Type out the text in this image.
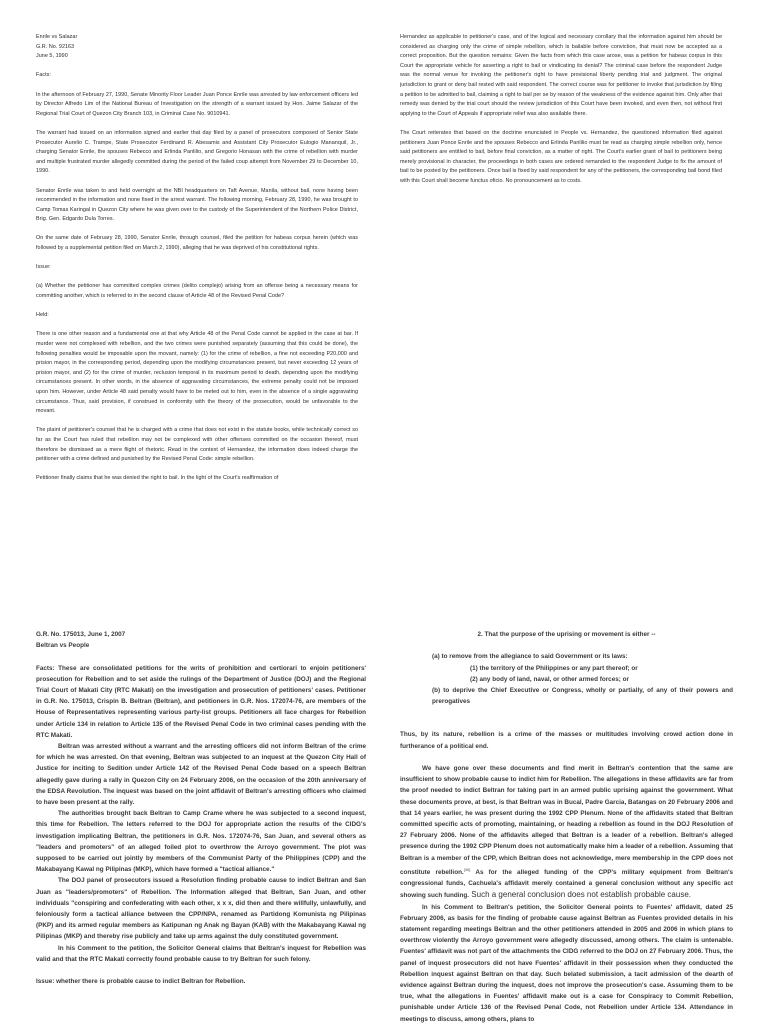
Enrile vs Salazar

G.R. No. 92163

June 5, 1990

Facts:

In the afternoon of February 27, 1990, Senate Minority Floor Leader Juan Ponce Enrile was arrested by law enforcement officers led by Director Alfredo Lim of the National Bureau of Investigation on the strength of a warrant issued by Hon. Jaime Salazar of the Regional Trial Court of Quezon City Branch 103, in Criminal Case No. 9010941.

The warrant had issued on an information signed and earlier that day filed by a panel of prosecutors composed of Senior State Prosecutor Aurelio C. Trampe, State Prosecutor Ferdinand R. Abesamis and Assistant City Prosecutor Eulogio Mananquil, Jr., charging Senator Enrile, the spouses Rebecco and Erlinda Panlilio, and Gregorio Honasan with the crime of rebellion with murder and multiple frustrated murder allegedly committed during the period of the failed coup attempt from November 29 to December 10, 1990.

Senator Enrile was taken to and held overnight at the NBI headquarters on Taft Avenue, Manila, without bail, none having been recommended in the information and none fixed in the arrest warrant. The following morning, February 28, 1990, he was brought to Camp Tomas Karingal in Quezon City where he was given over to the custody of the Superintendent of the Northern Police District, Brig. Gen. Edgardo Dula Torres.

On the same date of February 28, 1990, Senator Enrile, through counsel, filed the petition for habeas corpus herein (which was followed by a supplemental petition filed on March 2, 1990), alleging that he was deprived of his constitutional rights.

Issue:

(a) Whether the petitioner has committed complex crimes (delito complejo) arising from an offense being a necessary means for committing another, which is referred to in the second clause of Article 48 of the Revised Penal Code?

Held:

There is one other reason and a fundamental one at that why Article 48 of the Penal Code cannot be applied in the case at bar. If murder were not complexed with rebellion, and the two crimes were punished separately (assuming that this could be done), the following penalties would be imposable upon the movant, namely: (1) for the crime of rebellion, a fine not exceeding P20,000 and prision mayor, in the corresponding period, depending upon the modifying circumstances present, but never exceeding 12 years of prision mayor, and (2) for the crime of murder, reclusion temporal in its maximum period to death, depending upon the modifying circumstances present. In other words, in the absence of aggravating circumstances, the extreme penalty could not be imposed upon him. However, under Article 48 said penalty would have to be meted out to him, even in the absence of a single aggravating circumstance. Thus, said provision, if construed in conformity with the theory of the prosecution, would be unfavorable to the movant.

The plaint of petitioner's counsel that he is charged with a crime that does not exist in the statute books, while technically correct so far as the Court has ruled that rebellion may not be complexed with other offenses committed on the occasion thereof, must therefore be dismissed as a mere flight of rhetoric. Read in the context of Hernandez, the information does indeed charge the petitioner with a crime defined and punished by the Revised Penal Code: simple rebellion.

Petitioner finally claims that he was denied the right to bail. In the light of the Court's reaffirmation of

Hernandez as applicable to petitioner's case, and of the logical and necessary corollary that the information against him should be considered as charging only the crime of simple rebellion, which is bailable before conviction, that must now be accepted as a correct proposition. But the question remains: Given the facts from which this case arose, was a petition for habeas corpus in this Court the appropriate vehicle for asserting a right to bail or vindicating its denial? The criminal case before the respondent Judge was the normal venue for invoking the petitioner's right to have provisional liberty pending trial and judgment. The original jurisdiction to grant or deny bail rested with said respondent. The correct course was for petitioner to invoke that jurisdiction by filing a petition to be admitted to bail, claiming a right to bail per se by reason of the weakness of the evidence against him. Only after that remedy was denied by the trial court should the review jurisdiction of this Court have been invoked, and even then, not without first applying to the Court of Appeals if appropriate relief was also available there.

The Court reiterates that based on the doctrine enunciated in People vs. Hernandez, the questioned information filed against petitioners Juan Ponce Enrile and the spouses Rebecco and Erlinda Panlilio must be read as charging simple rebellion only, hence said petitioners are entitled to bail, before final conviction, as a matter of right. The Court's earlier grant of bail to petitioners being merely provisional in character, the proceedings in both cases are ordered remanded to the respondent Judge to fix the amount of bail to be posted by the petitioners. Once bail is fixed by said respondent for any of the petitioners, the corresponding bail bond filed with this Court shall become functus oficio. No pronouncement as to costs.

G.R. No. 175013, June 1, 2007

Beltran vs People

Facts: These are consolidated petitions for the writs of prohibition and certiorari to enjoin petitioners' prosecution for Rebellion and to set aside the rulings of the Department of Justice (DOJ) and the Regional Trial Court of Makati City (RTC Makati) on the investigation and prosecution of petitioners' cases. Petitioner in G.R. No. 175013, Crispin B. Beltran (Beltran), and petitioners in G.R. Nos. 172074-76, are members of the House of Representatives representing various party-list groups. Petitioners all face charges for Rebellion under Article 134 in relation to Article 135 of the Revised Penal Code in two criminal cases pending with the RTC Makati.

Beltran was arrested without a warrant and the arresting officers did not inform Beltran of the crime for which he was arrested. On that evening, Beltran was subjected to an inquest at the Quezon City Hall of Justice for inciting to Sedition under Article 142 of the Revised Penal Code based on a speech Beltran allegedly gave during a rally in Quezon City on 24 February 2006, on the occasion of the 20th anniversary of the EDSA Revolution. The inquest was based on the joint affidavit of Beltran's arresting officers who claimed to have been present at the rally.

The authorities brought back Beltran to Camp Crame where he was subjected to a second inquest, this time for Rebellion. The letters referred to the DOJ for appropriate action the results of the CIDG's investigation implicating Beltran, the petitioners in G.R. Nos. 172074-76, San Juan, and several others as "leaders and promoters" of an alleged foiled plot to overthrow the Arroyo government. The plot was supposed to be carried out jointly by members of the Communist Party of the Philippines (CPP) and the Makabayang Kawal ng Pilipinas (MKP), which have formed a "tactical alliance."

The DOJ panel of prosecutors issued a Resolution finding probable cause to indict Beltran and San Juan as "leaders/promoters" of Rebellion. The Information alleged that Beltran, San Juan, and other individuals "conspiring and confederating with each other, x x x, did then and there willfully, unlawfully, and feloniously form a tactical alliance between the CPP/NPA, renamed as Partidong Komunista ng Pilipinas (PKP) and its armed regular members as Katipunan ng Anak ng Bayan (KAB) with the Makabayang Kawal ng Pilipinas (MKP) and thereby rise publicly and take up arms against the duly constituted government.

In his Comment to the petition, the Solicitor General claims that Beltran's inquest for Rebellion was valid and that the RTC Makati correctly found probable cause to try Beltran for such felony.

Issue: whether there is probable cause to indict Beltran for Rebellion.

2. That the purpose of the uprising or movement is either --

(a) to remove from the allegiance to said Government or its laws:

(1) the territory of the Philippines or any part thereof; or

(2) any body of land, naval, or other armed forces; or

(b) to deprive the Chief Executive or Congress, wholly or partially, of any of their powers and prerogatives

Thus, by its nature, rebellion is a crime of the masses or multitudes involving crowd action done in furtherance of a political end.

We have gone over these documents and find merit in Beltran's contention that the same are insufficient to show probable cause to indict him for Rebellion. The allegations in these affidavits are far from the proof needed to indict Beltran for taking part in an armed public uprising against the government. What these documents prove, at best, is that Beltran was in Bucal, Padre Garcia, Batangas on 20 February 2006 and that 14 years earlier, he was present during the 1992 CPP Plenum. None of the affidavits stated that Beltran committed specific acts of promoting, maintaining, or heading a rebellion as found in the DOJ Resolution of 27 February 2006. None of the affidavits alleged that Beltran is a leader of a rebellion. Beltran's alleged presence during the 1992 CPP Plenum does not automatically make him a leader of a rebellion. Assuming that Beltran is a member of the CPP, which Beltran does not acknowledge, mere membership in the CPP does not constitute rebellion.[45] As for the alleged funding of the CPP's military equipment from Beltran's congressional funds, Cachuela's affidavit merely contained a general conclusion without any specific act showing such funding. Such a general conclusion does not establish probable cause.

In his Comment to Beltran's petition, the Solicitor General points to Fuentes' affidavit, dated 25 February 2006, as basis for the finding of probable cause against Beltran as Fuentes provided details in his statement regarding meetings Beltran and the other petitioners attended in 2005 and 2006 in which plans to overthrow violently the Arroyo government were allegedly discussed, among others. The claim is untenable. Fuentes' affidavit was not part of the attachments the CIDG referred to the DOJ on 27 February 2006. Thus, the panel of inquest prosecutors did not have Fuentes' affidavit in their possession when they conducted the Rebellion inquest against Beltran on that day. Such belated submission, a tacit admission of the dearth of evidence against Beltran during the inquest, does not improve the prosecution's case. Assuming them to be true, what the allegations in Fuentes' affidavit make out is a case for Conspiracy to Commit Rebellion, punishable under Article 136 of the Revised Penal Code, not Rebellion under Article 134. Attendance in meetings to discuss, among others, plans to
